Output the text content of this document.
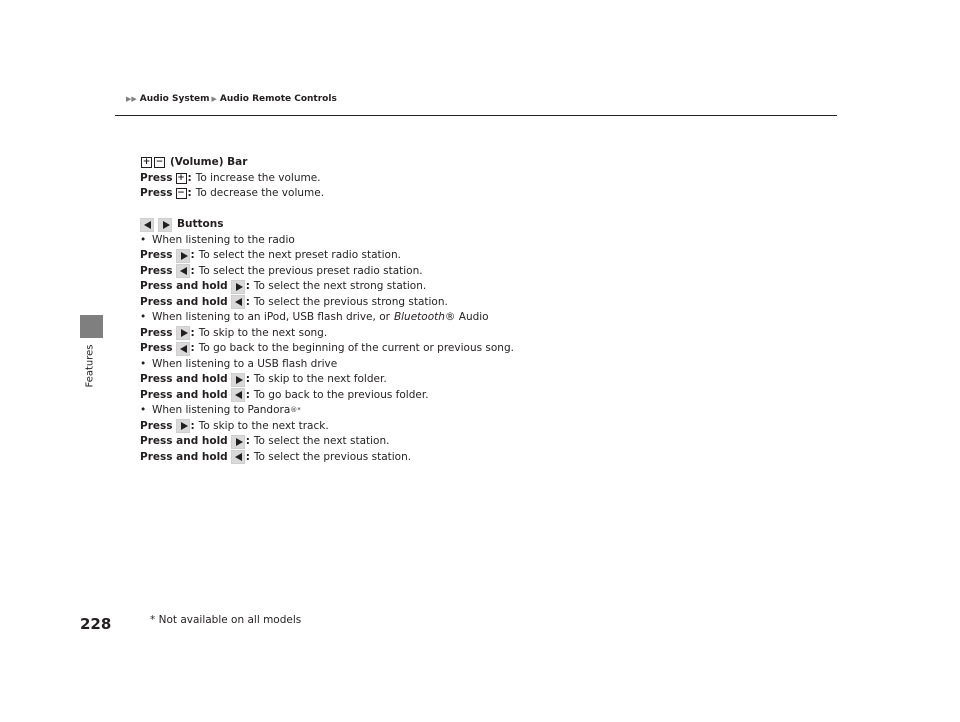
Features
▶▶ Audio System ▶ Audio Remote Controls
+ − (Volume) Bar
Press + : To increase the volume.
Press − : To decrease the volume.
Buttons
• When listening to the radio
Press : To select the next preset radio station.
Press : To select the previous preset radio station.
Press and hold : To select the next strong station.
Press and hold : To select the previous strong station.
• When listening to an iPod, USB flash drive, or Bluetooth ® Audio
Press : To skip to the next song.
Press : To go back to the beginning of the current or previous song.
• When listening to a USB flash drive
Press and hold : To skip to the next folder.
Press and hold : To go back to the previous folder.
• When listening to Pandora ®*
Press : To skip to the next track.
Press and hold : To select the next station.
Press and hold : To select the previous station.
228	* Not available on all models
